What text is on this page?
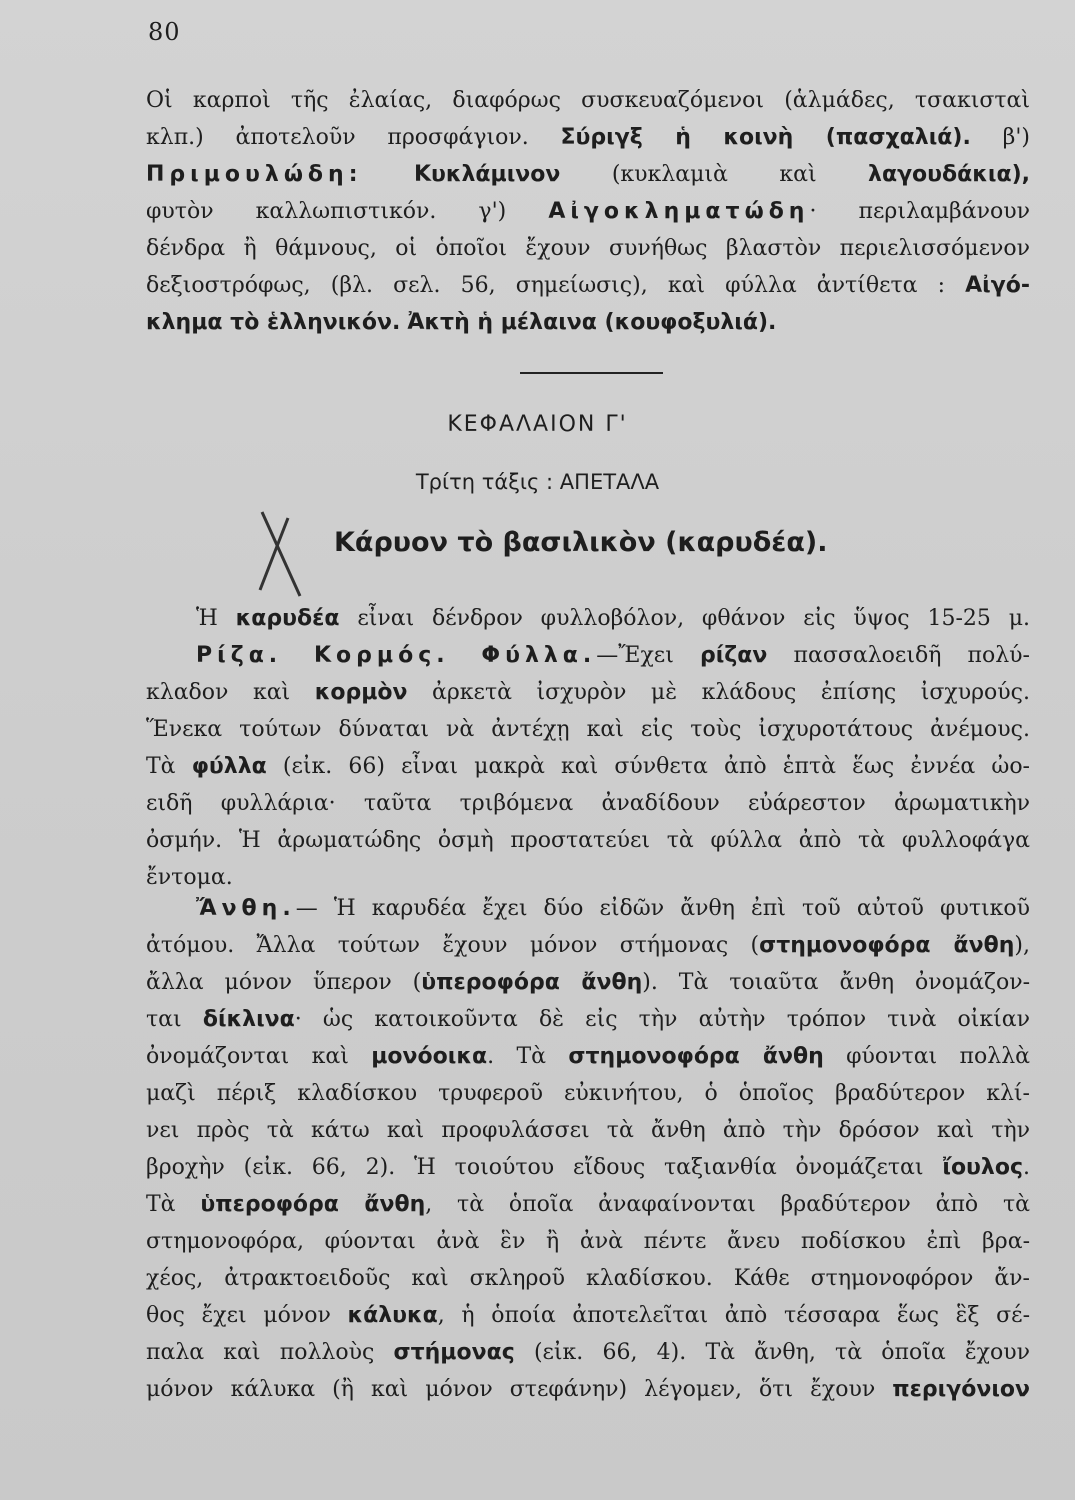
80
Οἱ καρποὶ τῆς ἐλαίας, διαφόρως συσκευαζόμενοι (ἁλμάδες, τσακισταὶ
κλπ.) ἀποτελοῦν προσφάγιον. Σύριγξ ἡ κοινὴ (πασχαλιά). β')
Πριμουλώδη: Κυκλάμινον (κυκλαμιὰ καὶ λαγουδάκια),
φυτὸν καλλωπιστικόν. γ') Αἰγοκληματώδη· περιλαμβάνουν
δένδρα ἢ θάμνους, οἱ ὁποῖοι ἔχουν συνήθως βλαστὸν περιελισσόμενον
δεξιοστρόφως, (βλ. σελ. 56, σημείωσις), καὶ φύλλα ἀντίθετα : Αἰγό-
κλημα τὸ ἑλληνικόν. Ἀκτὴ ἡ μέλαινα (κουφοξυλιά).
ΚΕΦΑΛΑΙΟΝ Γ'
Τρίτη τάξις : ΑΠΕΤΑΛΑ
Κάρυον τὸ βασιλικὸν (καρυδέα).
Ἡ καρυδέα εἶναι δένδρον φυλλοβόλον, φθάνον εἰς ὕψος 15-25 μ.
Ρίζα. Κορμός. Φύλλα.—Ἔχει ρίζαν πασσαλοειδῆ πολύ-
κλαδον καὶ κορμὸν ἀρκετὰ ἰσχυρὸν μὲ κλάδους ἐπίσης ἰσχυρούς.
Ἕνεκα τούτων δύναται νὰ ἀντέχῃ καὶ εἰς τοὺς ἰσχυροτάτους ἀνέμους.
Τὰ φύλλα (εἰκ. 66) εἶναι μακρὰ καὶ σύνθετα ἀπὸ ἑπτὰ ἕως ἐννέα ὠο-
ειδῆ φυλλάρια· ταῦτα τριβόμενα ἀναδίδουν εὐάρεστον ἀρωματικὴν
ὀσμήν. Ἡ ἀρωματώδης ὀσμὴ προστατεύει τὰ φύλλα ἀπὸ τὰ φυλλοφάγα
ἔντομα.
Ἄνθη.— Ἡ καρυδέα ἔχει δύο εἰδῶν ἄνθη ἐπὶ τοῦ αὐτοῦ φυτικοῦ
ἀτόμου. Ἄλλα τούτων ἔχουν μόνον στήμονας (στημονοφόρα ἄνθη),
ἄλλα μόνον ὕπερον (ὑπεροφόρα ἄνθη). Τὰ τοιαῦτα ἄνθη ὀνομάζον-
ται δίκλινα· ὡς κατοικοῦντα δὲ εἰς τὴν αὐτὴν τρόπον τινὰ οἰκίαν
ὀνομάζονται καὶ μονόοικα. Τὰ στημονοφόρα ἄνθη φύονται πολλὰ
μαζὶ πέριξ κλαδίσκου τρυφεροῦ εὐκινήτου, ὁ ὁποῖος βραδύτερον κλί-
νει πρὸς τὰ κάτω καὶ προφυλάσσει τὰ ἄνθη ἀπὸ τὴν δρόσον καὶ τὴν
βροχὴν (εἰκ. 66, 2). Ἡ τοιούτου εἴδους ταξιανθία ὀνομάζεται ἴουλος.
Τὰ ὑπεροφόρα ἄνθη, τὰ ὁποῖα ἀναφαίνονται βραδύτερον ἀπὸ τὰ
στημονοφόρα, φύονται ἀνὰ ἓν ἢ ἀνὰ πέντε ἄνευ ποδίσκου ἐπὶ βρα-
χέος, ἀτρακτοειδοῦς καὶ σκληροῦ κλαδίσκου. Κάθε στημονοφόρον ἄν-
θος ἔχει μόνον κάλυκα, ἡ ὁποία ἀποτελεῖται ἀπὸ τέσσαρα ἕως ἓξ σέ-
παλα καὶ πολλοὺς στήμονας (εἰκ. 66, 4). Τὰ ἄνθη, τὰ ὁποῖα ἔχουν
μόνον κάλυκα (ἢ καὶ μόνον στεφάνην) λέγομεν, ὅτι ἔχουν περιγόνιον
